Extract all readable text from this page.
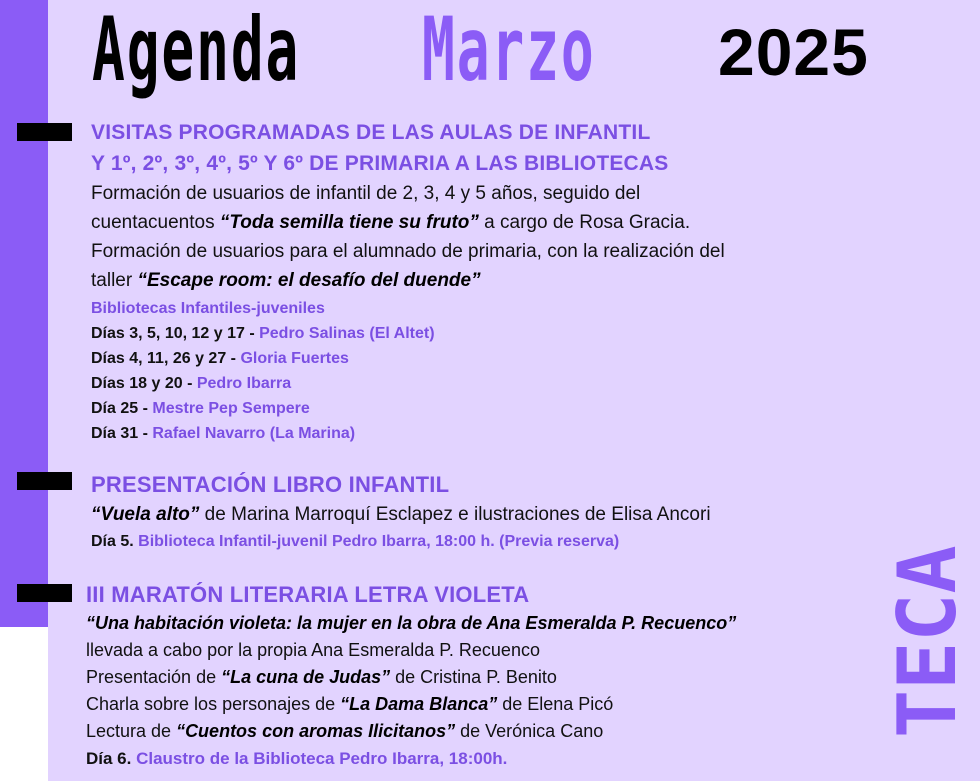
Agenda Marzo 2025
VISITAS PROGRAMADAS DE LAS AULAS DE INFANTIL
Y 1º, 2º, 3º, 4º, 5º Y 6º DE PRIMARIA A LAS BIBLIOTECAS
Formación de usuarios de infantil de 2, 3, 4 y 5 años, seguido del
cuentacuentos “Toda semilla tiene su fruto” a cargo de Rosa Gracia.
Formación de usuarios para el alumnado de primaria, con la realización del
taller “Escape room: el desafío del duende”
Bibliotecas Infantiles-juveniles
Días 3, 5, 10, 12 y 17 - Pedro Salinas (El Altet)
Días 4, 11, 26 y 27 - Gloria Fuertes
Días 18 y 20 - Pedro Ibarra
Día 25 - Mestre Pep Sempere
Día 31 - Rafael Navarro (La Marina)
PRESENTACIÓN LIBRO INFANTIL
“Vuela alto” de Marina Marroquí Esclapez e ilustraciones de Elisa Ancori
Día 5. Biblioteca Infantil-juvenil Pedro Ibarra, 18:00 h. (Previa reserva)
III MARATÓN LITERARIA LETRA VIOLETA
“Una habitación violeta: la mujer en la obra de Ana Esmeralda P. Recuenco”
llevada a cabo por la propia Ana Esmeralda P. Recuenco
Presentación de “La cuna de Judas” de Cristina P. Benito
Charla sobre los personajes de “La Dama Blanca” de Elena Picó
Lectura de “Cuentos con aromas Ilicitanos” de Verónica Cano
Día 6. Claustro de la Biblioteca Pedro Ibarra, 18:00h.
TECA
